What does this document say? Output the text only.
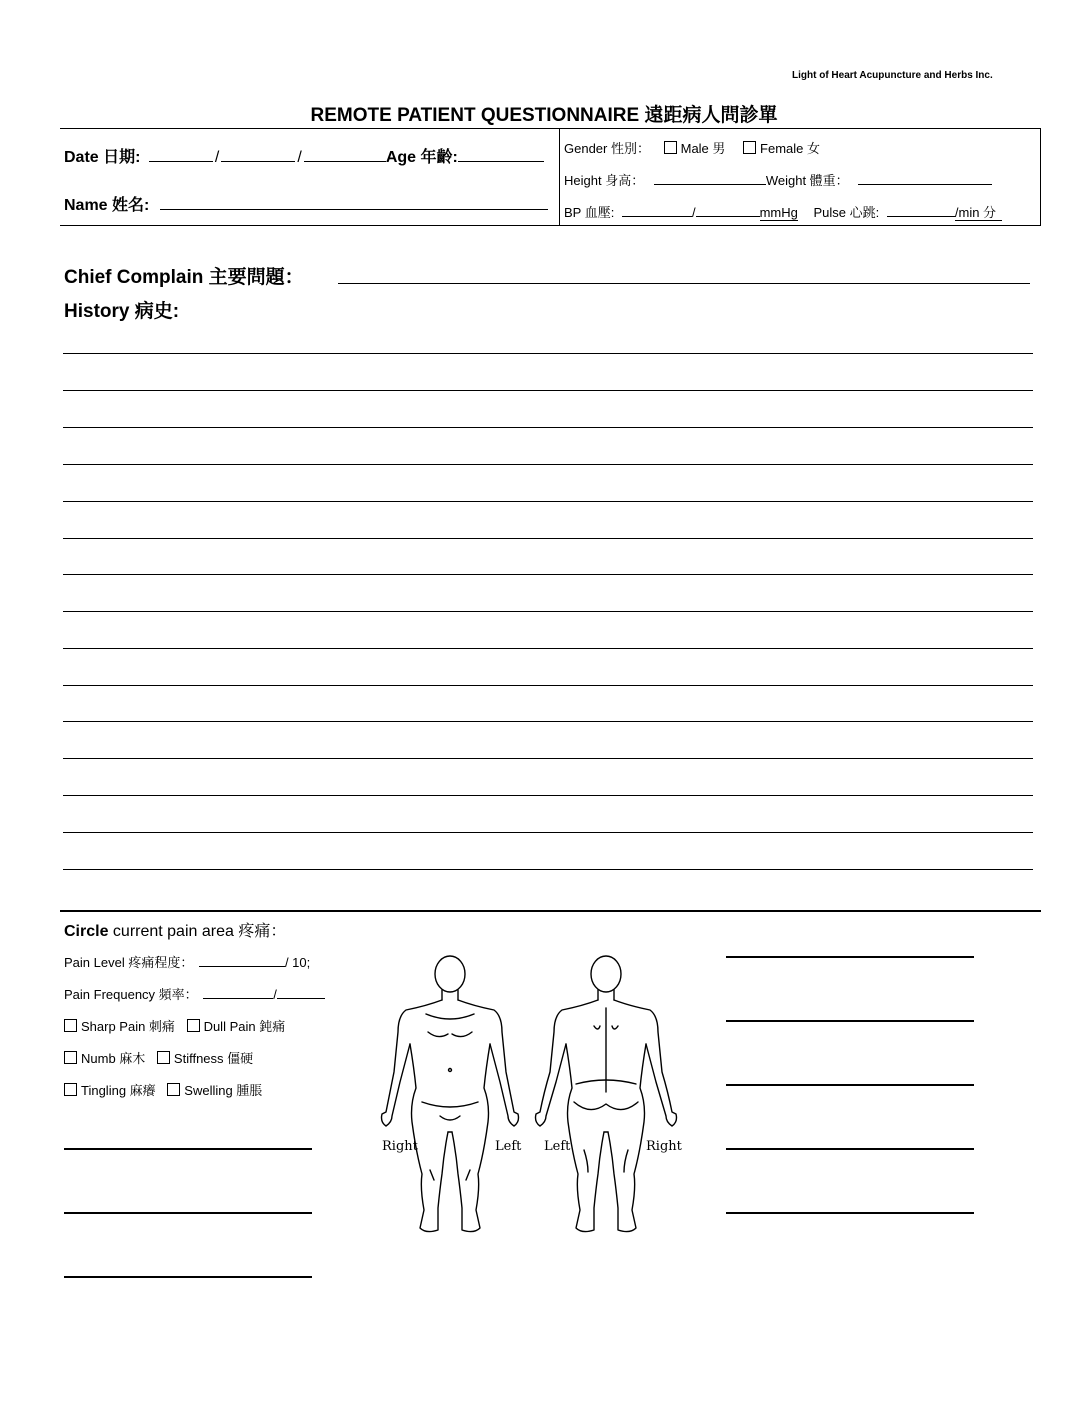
Light of Heart Acupuncture and Herbs Inc.
REMOTE PATIENT QUESTIONNAIRE 遠距病人問診單
Date 日期:	/	/	Age 年齡:
Name 姓名:
Gender 性別： Male 男	Female 女
Height 身高：	Weight 體重：
BP 血壓:	/	mmHg Pulse 心跳:	/min 分
Chief Complain 主要問題：
History 病史:
Circle current pain area 疼痛：
Pain Level 疼痛程度：	/ 10;
Pain Frequency 頻率：	/
Sharp Pain 刺痛 Dull Pain 鈍痛
Numb 麻木 Stiffness 僵硬
Tingling 麻癢 Swelling 腫脹
Right	Left Left	Right
